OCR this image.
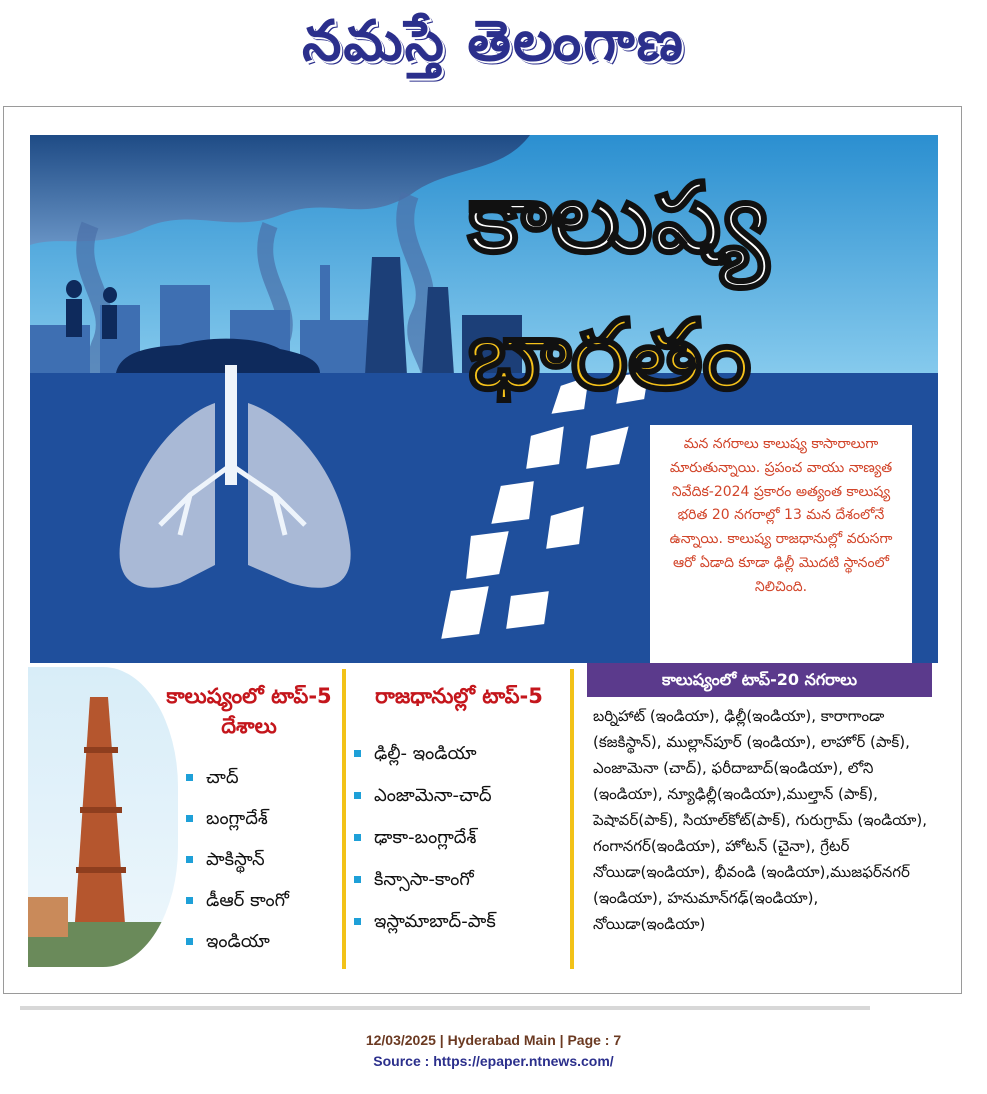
నమస్తే తెలంగాణ
కాలుష్య
భారతం
మన నగరాలు కాలుష్య కాసారాలుగా మారుతున్నాయి. ప్రపంచ వాయు నాణ్యత నివేదిక-2024 ప్రకారం అత్యంత కాలుష్య భరిత 20 నగరాల్లో 13 మన దేశంలోనే ఉన్నాయి. కాలుష్య రాజధానుల్లో వరుసగా ఆరో ఏడాది కూడా ఢిల్లీ మొదటి స్థానంలో నిలిచింది.
కాలుష్యంలో టాప్-5 దేశాలు
చాద్
బంగ్లాదేశ్
పాకిస్థాన్
డీఆర్ కాంగో
ఇండియా
రాజధానుల్లో టాప్-5
ఢిల్లీ- ఇండియా
ఎంజామెనా-చాద్
ఢాకా-బంగ్లాదేశ్
కిన్సాసా-కాంగో
ఇస్లామాబాద్-పాక్
కాలుష్యంలో టాప్-20 నగరాలు
బర్నిహాట్ (ఇండియా), ఢిల్లీ(ఇండియా), కారాగాండా (కజకిస్థాన్), ముల్లాన్‌పూర్ (ఇండియా), లాహోర్ (పాక్), ఎంజామెనా (చాద్), ఫరీదాబాద్(ఇండియా), లోని (ఇండియా), న్యూఢిల్లీ(ఇండియా),ముల్తాన్ (పాక్), పెషావర్(పాక్), సియాల్‌కోట్(పాక్), గురుగ్రామ్ (ఇండియా), గంగానగర్(ఇండియా), హోటన్ (చైనా), గ్రేటర్ నోయిడా(ఇండియా), భీవండి (ఇండియా),ముజఫర్‌నగర్ (ఇండియా), హనుమాన్‌గఢ్(ఇండియా), నోయిడా(ఇండియా)
12/03/2025 | Hyderabad Main | Page : 7
Source : https://epaper.ntnews.com/
